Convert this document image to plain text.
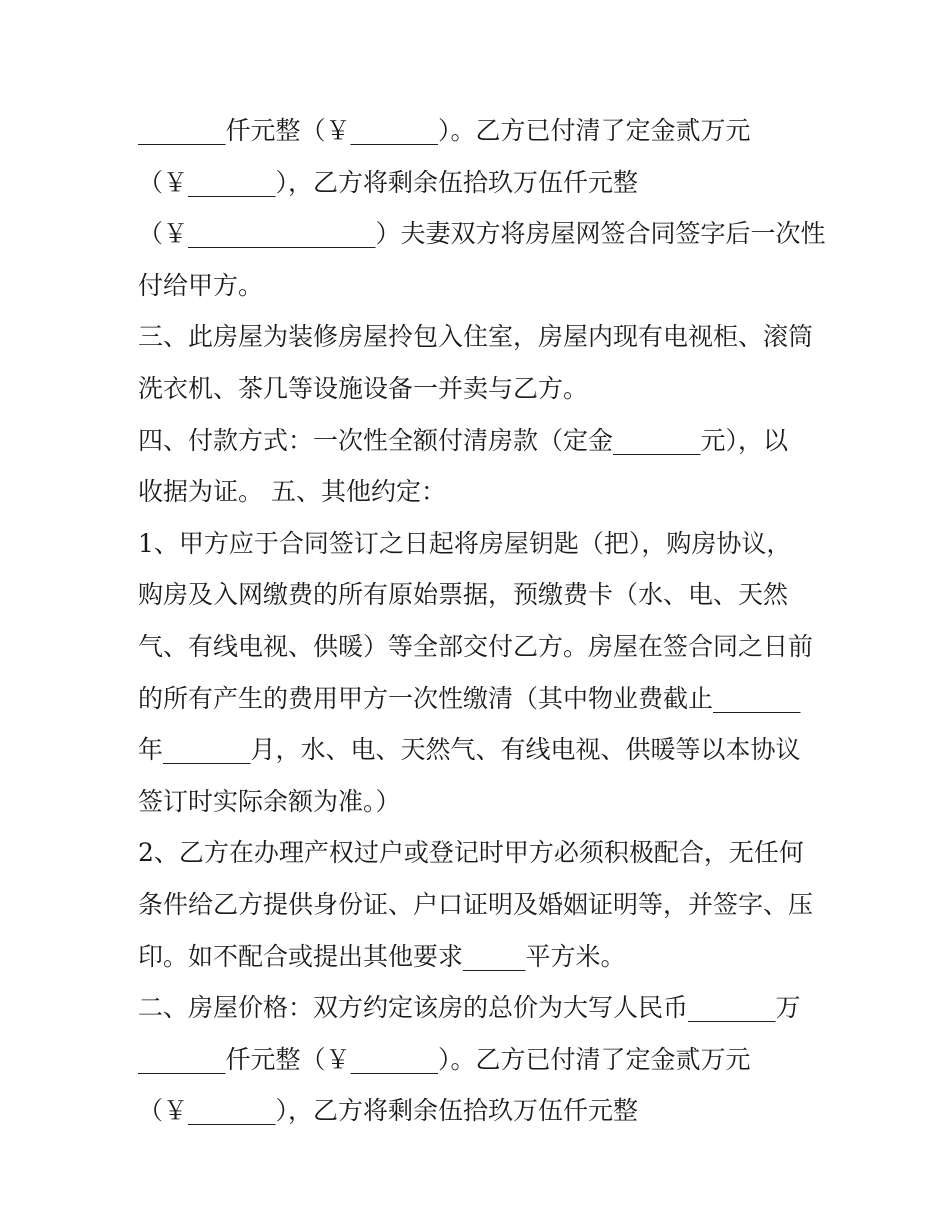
_______仟元整（￥_______）。乙方已付清了定金贰万元
（￥_______），乙方将剩余伍拾玖万伍仟元整
（￥_______________）夫妻双方将房屋网签合同签字后一次性
付给甲方。
三、此房屋为装修房屋拎包入住室，房屋内现有电视柜、滚筒
洗衣机、茶几等设施设备一并卖与乙方。
四、付款方式：一次性全额付清房款（定金_______元），以
收据为证。 五、其他约定：
1、甲方应于合同签订之日起将房屋钥匙（把），购房协议，
购房及入网缴费的所有原始票据，预缴费卡（水、电、天然
气、有线电视、供暖）等全部交付乙方。房屋在签合同之日前
的所有产生的费用甲方一次性缴清（其中物业费截止_______
年_______月，水、电、天然气、有线电视、供暖等以本协议
签订时实际余额为准。）
2、乙方在办理产权过户或登记时甲方必须积极配合，无任何
条件给乙方提供身份证、户口证明及婚姻证明等，并签字、压
印。如不配合或提出其他要求_____平方米。
二、房屋价格：双方约定该房的总价为大写人民币_______万
_______仟元整（￥_______）。乙方已付清了定金贰万元
（￥_______），乙方将剩余伍拾玖万伍仟元整
